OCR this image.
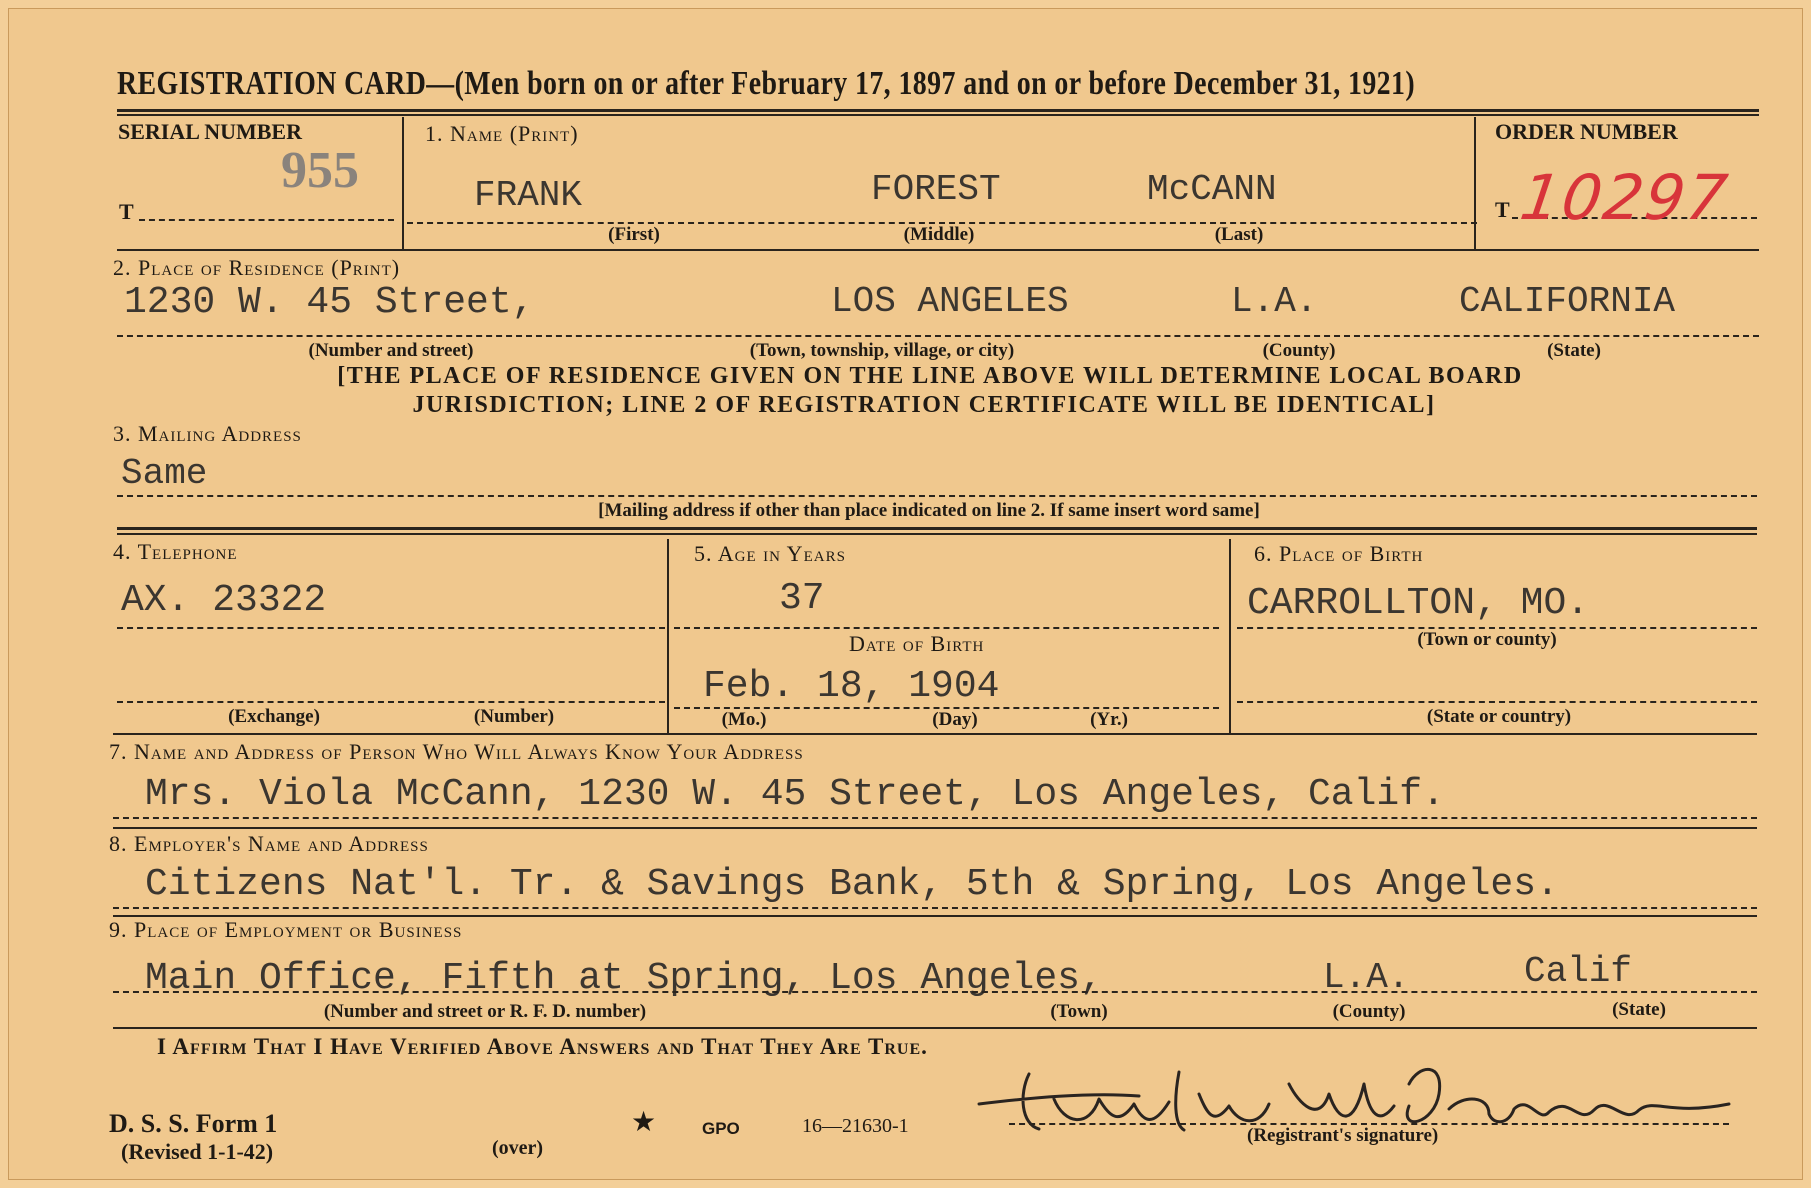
REGISTRATION CARD—(Men born on or after February 17, 1897 and on or before December 31, 1921)
SERIAL NUMBER
T
955
1. Name (Print)
FRANK	FOREST	McCANN
(First)	(Middle)	(Last)
ORDER NUMBER
T 10297
2. Place of Residence (Print)
1230 W. 45 Street,	LOS ANGELES	L.A.	CALIFORNIA
(Number and street)	(Town, township, village, or city)	(County)	(State)
[THE PLACE OF RESIDENCE GIVEN ON THE LINE ABOVE WILL DETERMINE LOCAL BOARD
JURISDICTION; LINE 2 OF REGISTRATION CERTIFICATE WILL BE IDENTICAL]
3. Mailing Address
Same
[Mailing address if other than place indicated on line 2. If same insert word same]
4. Telephone
AX. 23322
(Exchange)	(Number)
5. Age in Years
37
Date of Birth
Feb. 18, 1904
(Mo.)	(Day)	(Yr.)
6. Place of Birth
CARROLLTON, MO.
(Town or county)
(State or country)
7. Name and Address of Person Who Will Always Know Your Address
Mrs. Viola McCann, 1230 W. 45 Street, Los Angeles, Calif.
8. Employer's Name and Address
Citizens Nat'l. Tr. & Savings Bank, 5th & Spring, Los Angeles.
9. Place of Employment or Business
Main Office, Fifth at Spring, Los Angeles,	L.A.	Calif
(Number and street or R. F. D. number)	(Town)	(County)	(State)
I Affirm That I Have Verified Above Answers and That They Are True.
D. S. S. Form 1
(Revised 1-1-42)	(over)
★	GPO	16—21630-1	(Registrant's signature)
